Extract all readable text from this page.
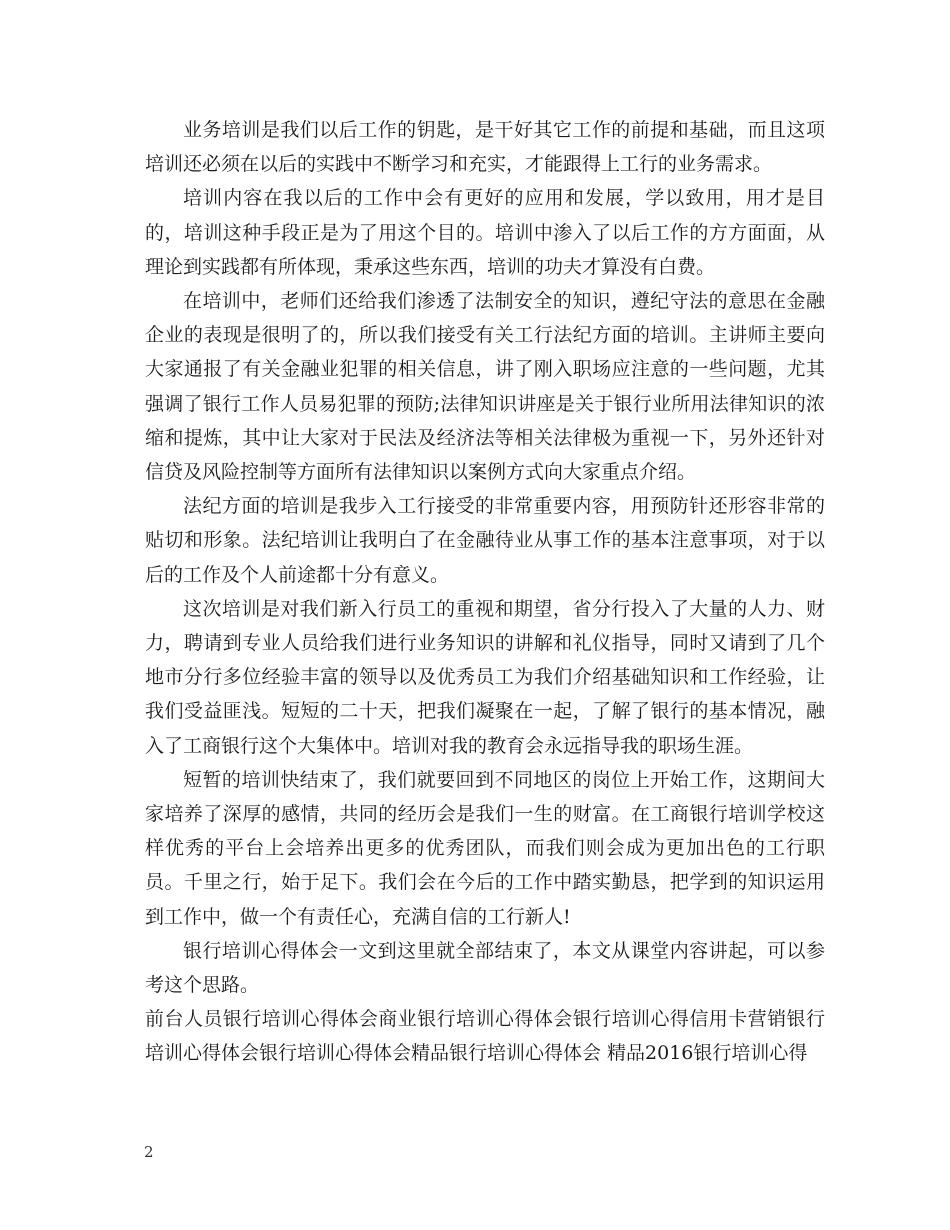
业务培训是我们以后工作的钥匙，是干好其它工作的前提和基础，而且这项培训还必须在以后的实践中不断学习和充实，才能跟得上工行的业务需求。

培训内容在我以后的工作中会有更好的应用和发展，学以致用，用才是目的，培训这种手段正是为了用这个目的。培训中渗入了以后工作的方方面面，从理论到实践都有所体现，秉承这些东西，培训的功夫才算没有白费。

在培训中，老师们还给我们渗透了法制安全的知识，遵纪守法的意思在金融企业的表现是很明了的，所以我们接受有关工行法纪方面的培训。主讲师主要向大家通报了有关金融业犯罪的相关信息，讲了刚入职场应注意的一些问题，尤其强调了银行工作人员易犯罪的预防;法律知识讲座是关于银行业所用法律知识的浓缩和提炼，其中让大家对于民法及经济法等相关法律极为重视一下，另外还针对信贷及风险控制等方面所有法律知识以案例方式向大家重点介绍。

法纪方面的培训是我步入工行接受的非常重要内容，用预防针还形容非常的贴切和形象。法纪培训让我明白了在金融待业从事工作的基本注意事项，对于以后的工作及个人前途都十分有意义。

这次培训是对我们新入行员工的重视和期望，省分行投入了大量的人力、财力，聘请到专业人员给我们进行业务知识的讲解和礼仪指导，同时又请到了几个地市分行多位经验丰富的领导以及优秀员工为我们介绍基础知识和工作经验，让我们受益匪浅。短短的二十天，把我们凝聚在一起，了解了银行的基本情况，融入了工商银行这个大集体中。培训对我的教育会永远指导我的职场生涯。

短暂的培训快结束了，我们就要回到不同地区的岗位上开始工作，这期间大家培养了深厚的感情，共同的经历会是我们一生的财富。在工商银行培训学校这样优秀的平台上会培养出更多的优秀团队，而我们则会成为更加出色的工行职员。千里之行，始于足下。我们会在今后的工作中踏实勤恳，把学到的知识运用到工作中，做一个有责任心，充满自信的工行新人!

银行培训心得体会一文到这里就全部结束了，本文从课堂内容讲起，可以参考这个思路。

前台人员银行培训心得体会商业银行培训心得体会银行培训心得信用卡营销银行培训心得体会银行培训心得体会精品银行培训心得体会 精品2016银行培训心得

2
